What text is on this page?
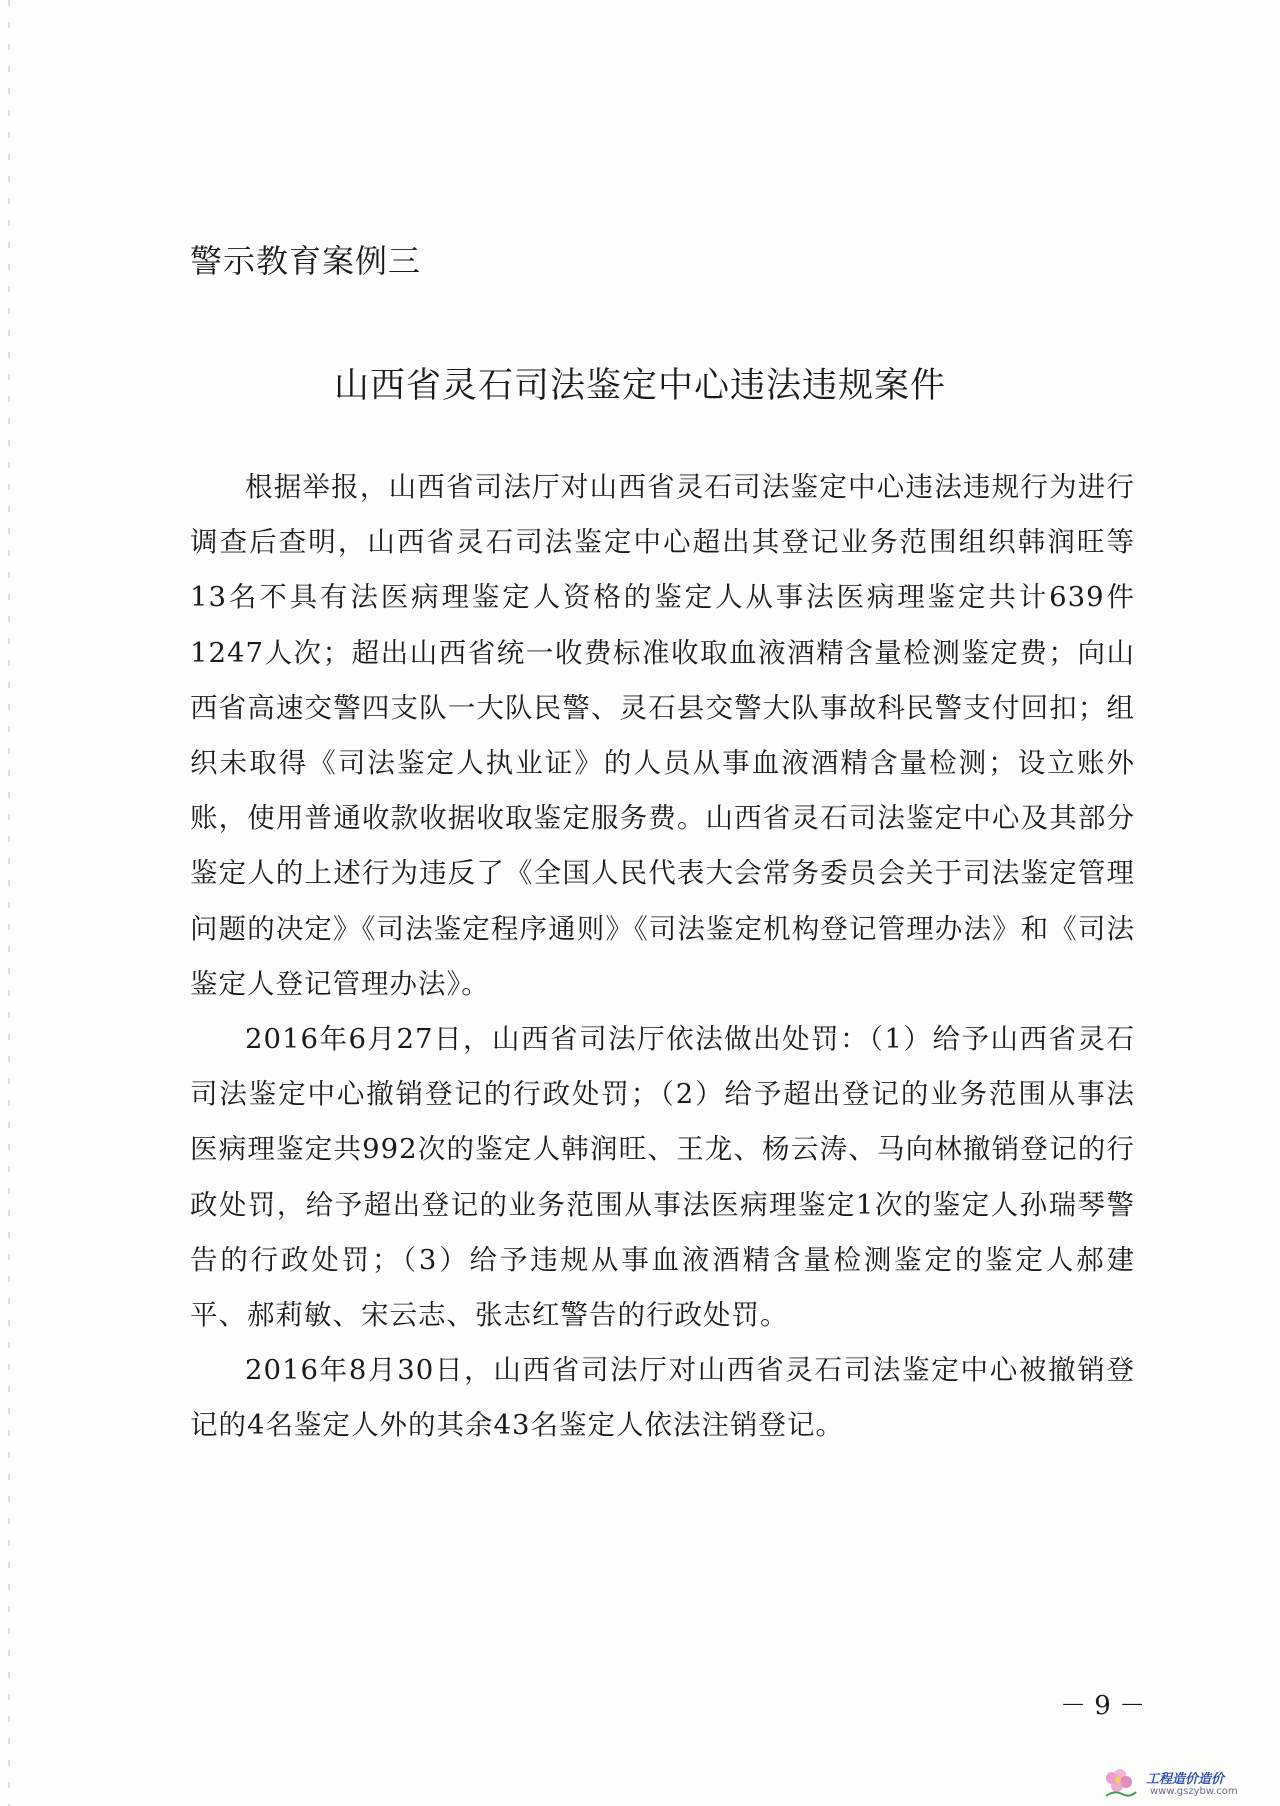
警示教育案例三
山西省灵石司法鉴定中心违法违规案件

根据举报，山西省司法厅对山西省灵石司法鉴定中心违法违规行为进行调查后查明，山西省灵石司法鉴定中心超出其登记业务范围组织韩润旺等13名不具有法医病理鉴定人资格的鉴定人从事法医病理鉴定共计639件1247人次；超出山西省统一收费标准收取血液酒精含量检测鉴定费；向山西省高速交警四支队一大队民警、灵石县交警大队事故科民警支付回扣；组织未取得《司法鉴定人执业证》的人员从事血液酒精含量检测；设立账外账，使用普通收款收据收取鉴定服务费。山西省灵石司法鉴定中心及其部分鉴定人的上述行为违反了《全国人民代表大会常务委员会关于司法鉴定管理问题的决定》《司法鉴定程序通则》《司法鉴定机构登记管理办法》和《司法鉴定人登记管理办法》。

2016年6月27日，山西省司法厅依法做出处罚：（1）给予山西省灵石司法鉴定中心撤销登记的行政处罚；（2）给予超出登记的业务范围从事法医病理鉴定共992次的鉴定人韩润旺、王龙、杨云涛、马向林撤销登记的行政处罚，给予超出登记的业务范围从事法医病理鉴定1次的鉴定人孙瑞琴警告的行政处罚；（3）给予违规从事血液酒精含量检测鉴定的鉴定人郝建平、郝莉敏、宋云志、张志红警告的行政处罚。

2016年8月30日，山西省司法厅对山西省灵石司法鉴定中心被撤销登记的4名鉴定人外的其余43名鉴定人依法注销登记。

－ 9 －
工程造价造价
www.gszybw.com
